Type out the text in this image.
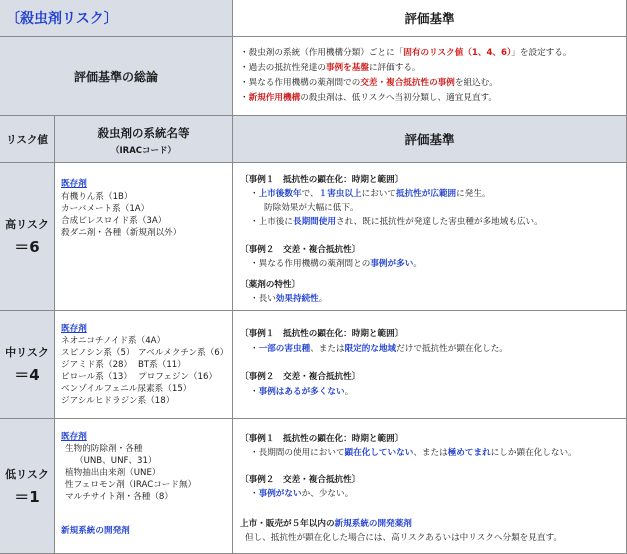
〔殺虫剤リスク〕	評価基準
評価基準の総論
・殺虫剤の系統（作用機構分類）ごとに「固有のリスク値（1、4、6）」を設定する。
・過去の抵抗性発達の事例を基盤に評価する。
・異なる作用機構の薬剤間での交差・複合抵抗性の事例を組込む。
・新規作用機構の殺虫剤は、低リスクへ当初分類し、適宜見直す。
リスク値	殺虫剤の系統名等
（IRACコード）
評価基準
高リスク
＝6
既存剤
有機りん系（1B）
カーバメート系（1A）
合成ピレスロイド系（3A）
殺ダニ剤・各種（新規剤以外）
〔事例１　抵抗性の顕在化：時期と範囲〕
・上市後数年で、１害虫以上において抵抗性が広範囲に発生。
防除効果が大幅に低下。
・上市後に長期間使用され、既に抵抗性が発達した害虫種が多地域も広い。
〔事例２　交差・複合抵抗性〕
・異なる作用機構の薬剤間との事例が多い。
〔薬剤の特性〕
・長い効果持続性。
中リスク
＝4
既存剤
ネオニコチノイド系（4A）
スピノシン系（5） アベルメクチン系（6）
ジアミド系（28） BT系（11）
ピロール系（13） プロフェジン（16）
ベンゾイルフェニル尿素系（15）
ジアシルヒドラジン系（18）
〔事例１　抵抗性の顕在化：時期と範囲〕
・一部の害虫種、または限定的な地域だけで抵抗性が顕在化した。
〔事例２　交差・複合抵抗性〕
・事例はあるが多くない。
低リスク
＝1
既存剤
生物的防除剤・各種
（UNB、UNF、31）
植物抽出由来剤（UNE）
性フェロモン剤（IRACコード無）
マルチサイト剤・各種（8）
新規系統の開発剤
〔事例１　抵抗性の顕在化：時期と範囲〕
・長期間の使用において顕在化していない、または極めてまれにしか顕在化しない。
〔事例２　交差・複合抵抗性〕
・事例がないか、少ない。
上市・販売が５年以内の新規系統の開発薬剤
但し、抵抗性が顕在化した場合には、高リスクあるいは中リスクへ分類を見直す。
